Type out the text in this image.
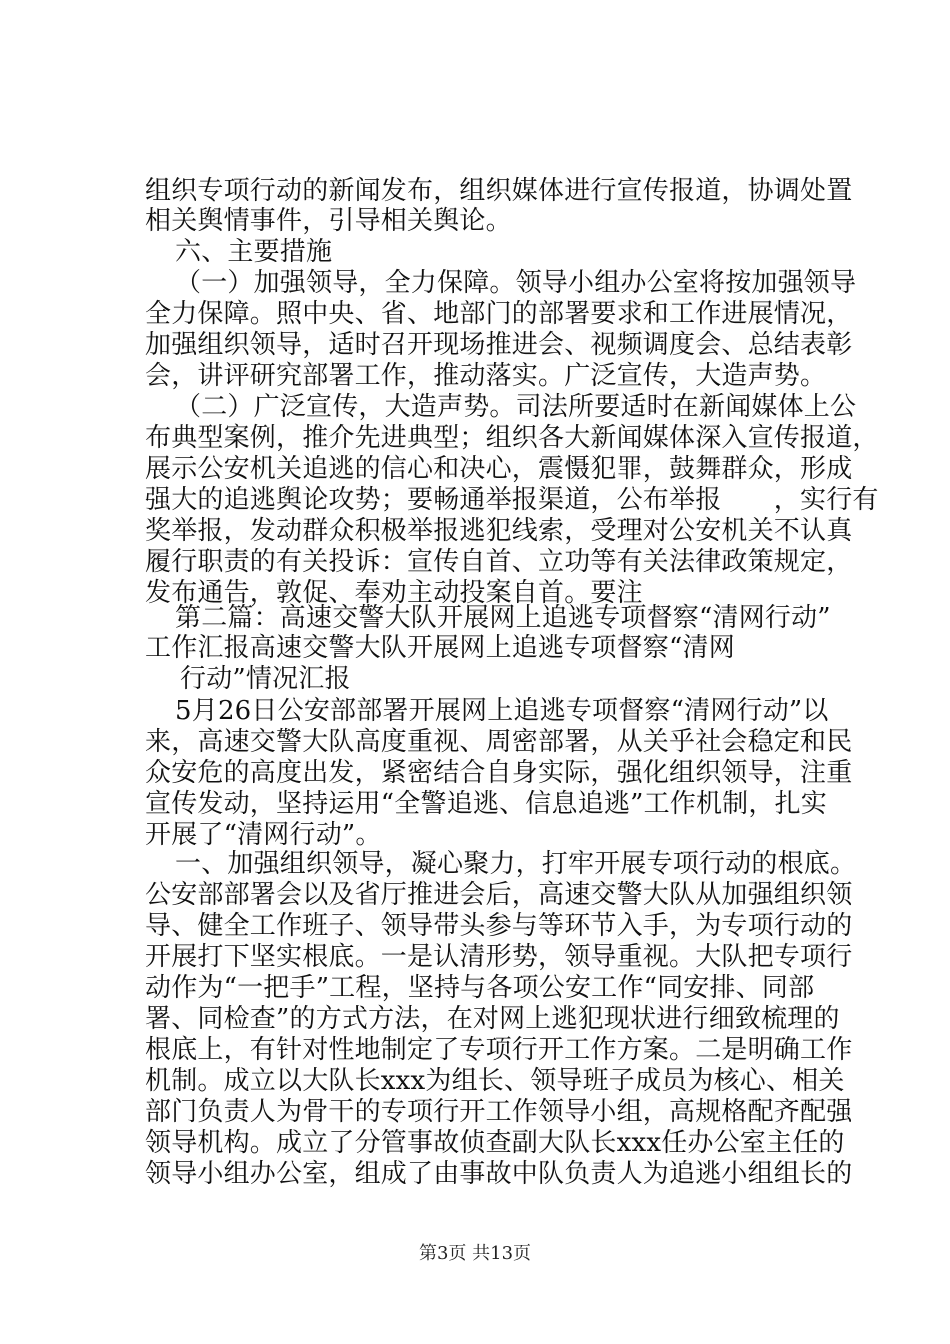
组织专项行动的新闻发布，组织媒体进行宣传报道，协调处置
相关舆情事件，引导相关舆论。
六、主要措施
（一）加强领导，全力保障。领导小组办公室将按加强领导
全力保障。照中央、省、地部门的部署要求和工作进展情况，
加强组织领导，适时召开现场推进会、视频调度会、总结表彰
会，讲评研究部署工作，推动落实。广泛宣传，大造声势。
（二）广泛宣传，大造声势。司法所要适时在新闻媒体上公
布典型案例，推介先进典型；组织各大新闻媒体深入宣传报道，
展示公安机关追逃的信心和决心，震慑犯罪，鼓舞群众，形成
强大的追逃舆论攻势；要畅通举报渠道，公布举报　　，实行有
奖举报，发动群众积极举报逃犯线索，受理对公安机关不认真
履行职责的有关投诉：宣传自首、立功等有关法律政策规定，
发布通告，敦促、奉劝主动投案自首。要注
第二篇：高速交警大队开展网上追逃专项督察“清网行动”
工作汇报高速交警大队开展网上追逃专项督察“清网
行动”情况汇报
5月26日公安部部署开展网上追逃专项督察“清网行动”以
来，高速交警大队高度重视、周密部署，从关乎社会稳定和民
众安危的高度出发，紧密结合自身实际，强化组织领导，注重
宣传发动，坚持运用“全警追逃、信息追逃”工作机制，扎实
开展了“清网行动”。
一、加强组织领导，凝心聚力，打牢开展专项行动的根底。
公安部部署会以及省厅推进会后，高速交警大队从加强组织领
导、健全工作班子、领导带头参与等环节入手，为专项行动的
开展打下坚实根底。一是认清形势，领导重视。大队把专项行
动作为“一把手”工程，坚持与各项公安工作“同安排、同部
署、同检查”的方式方法，在对网上逃犯现状进行细致梳理的
根底上，有针对性地制定了专项行开工作方案。二是明确工作
机制。成立以大队长xxx为组长、领导班子成员为核心、相关
部门负责人为骨干的专项行开工作领导小组，高规格配齐配强
领导机构。成立了分管事故侦查副大队长xxx任办公室主任的
领导小组办公室，组成了由事故中队负责人为追逃小组组长的
第3页 共13页
